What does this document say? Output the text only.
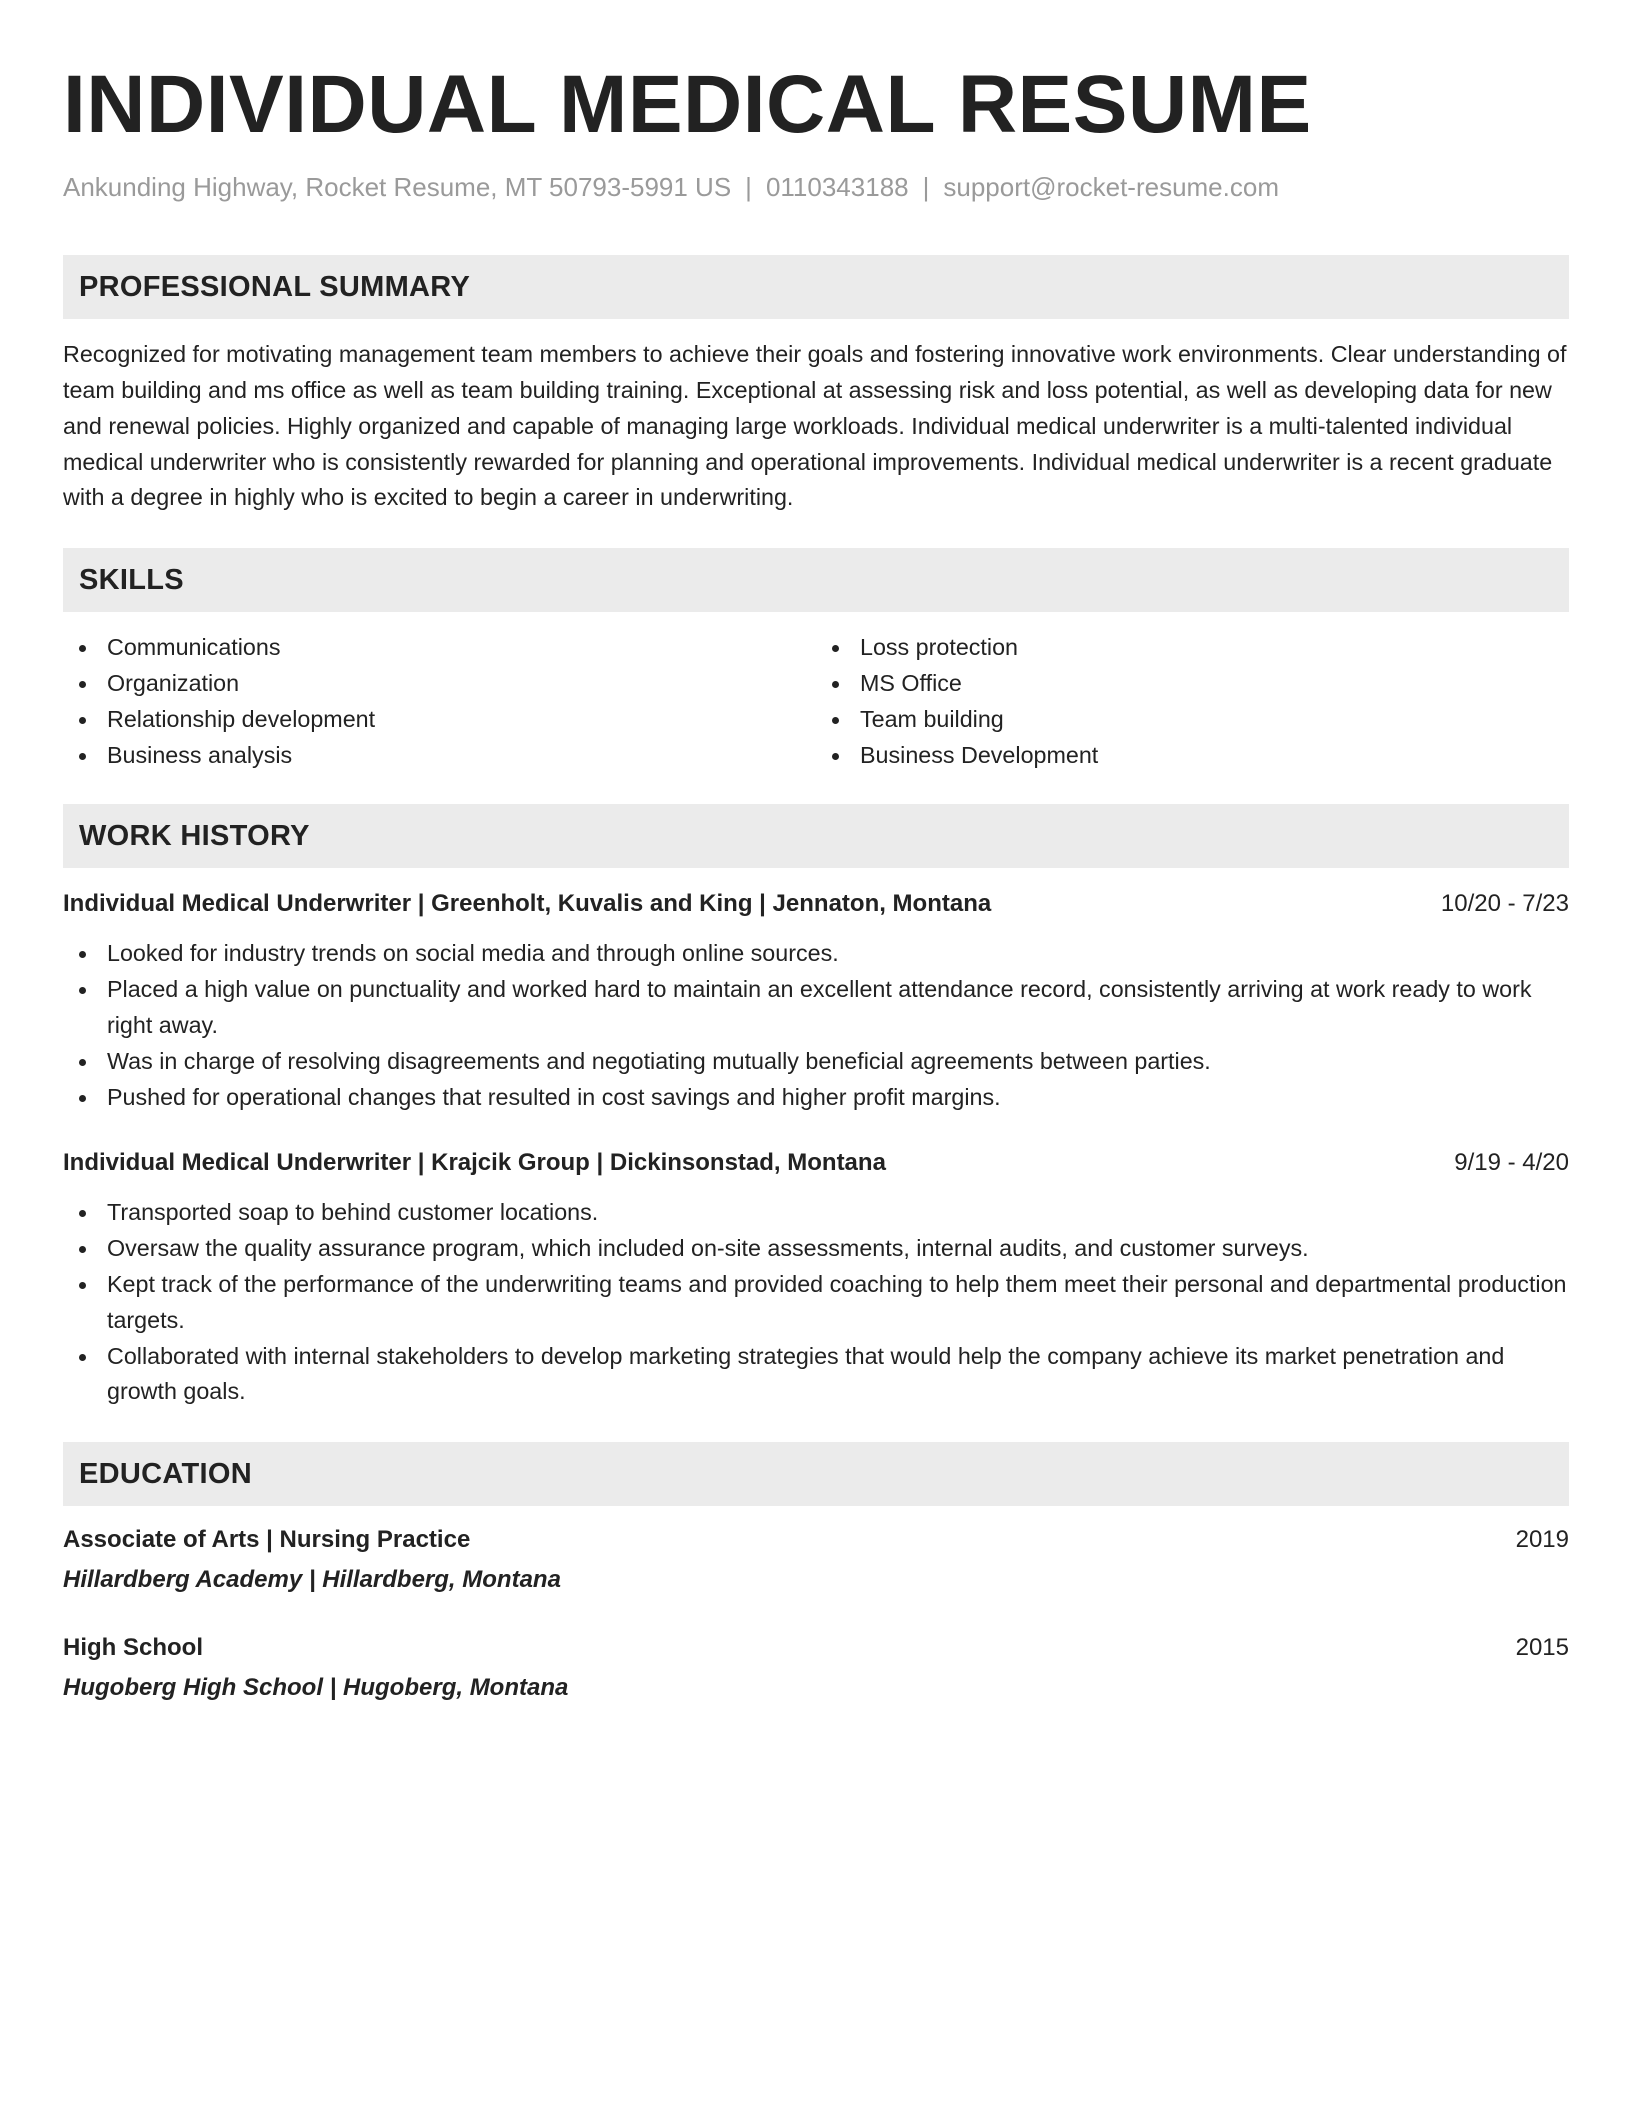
INDIVIDUAL MEDICAL RESUME
Ankunding Highway, Rocket Resume, MT 50793-5991 US | 0110343188 | support@rocket-resume.com
PROFESSIONAL SUMMARY
Recognized for motivating management team members to achieve their goals and fostering innovative work environments. Clear understanding of team building and ms office as well as team building training. Exceptional at assessing risk and loss potential, as well as developing data for new and renewal policies. Highly organized and capable of managing large workloads. Individual medical underwriter is a multi-talented individual medical underwriter who is consistently rewarded for planning and operational improvements. Individual medical underwriter is a recent graduate with a degree in highly who is excited to begin a career in underwriting.
SKILLS
Communications
Organization
Relationship development
Business analysis
Loss protection
MS Office
Team building
Business Development
WORK HISTORY
Individual Medical Underwriter | Greenholt, Kuvalis and King | Jennaton, Montana	10/20 - 7/23
Looked for industry trends on social media and through online sources.
Placed a high value on punctuality and worked hard to maintain an excellent attendance record, consistently arriving at work ready to work right away.
Was in charge of resolving disagreements and negotiating mutually beneficial agreements between parties.
Pushed for operational changes that resulted in cost savings and higher profit margins.
Individual Medical Underwriter | Krajcik Group | Dickinsonstad, Montana	9/19 - 4/20
Transported soap to behind customer locations.
Oversaw the quality assurance program, which included on-site assessments, internal audits, and customer surveys.
Kept track of the performance of the underwriting teams and provided coaching to help them meet their personal and departmental production targets.
Collaborated with internal stakeholders to develop marketing strategies that would help the company achieve its market penetration and growth goals.
EDUCATION
Associate of Arts | Nursing Practice	2019
Hillardberg Academy | Hillardberg, Montana
High School	2015
Hugoberg High School | Hugoberg, Montana
